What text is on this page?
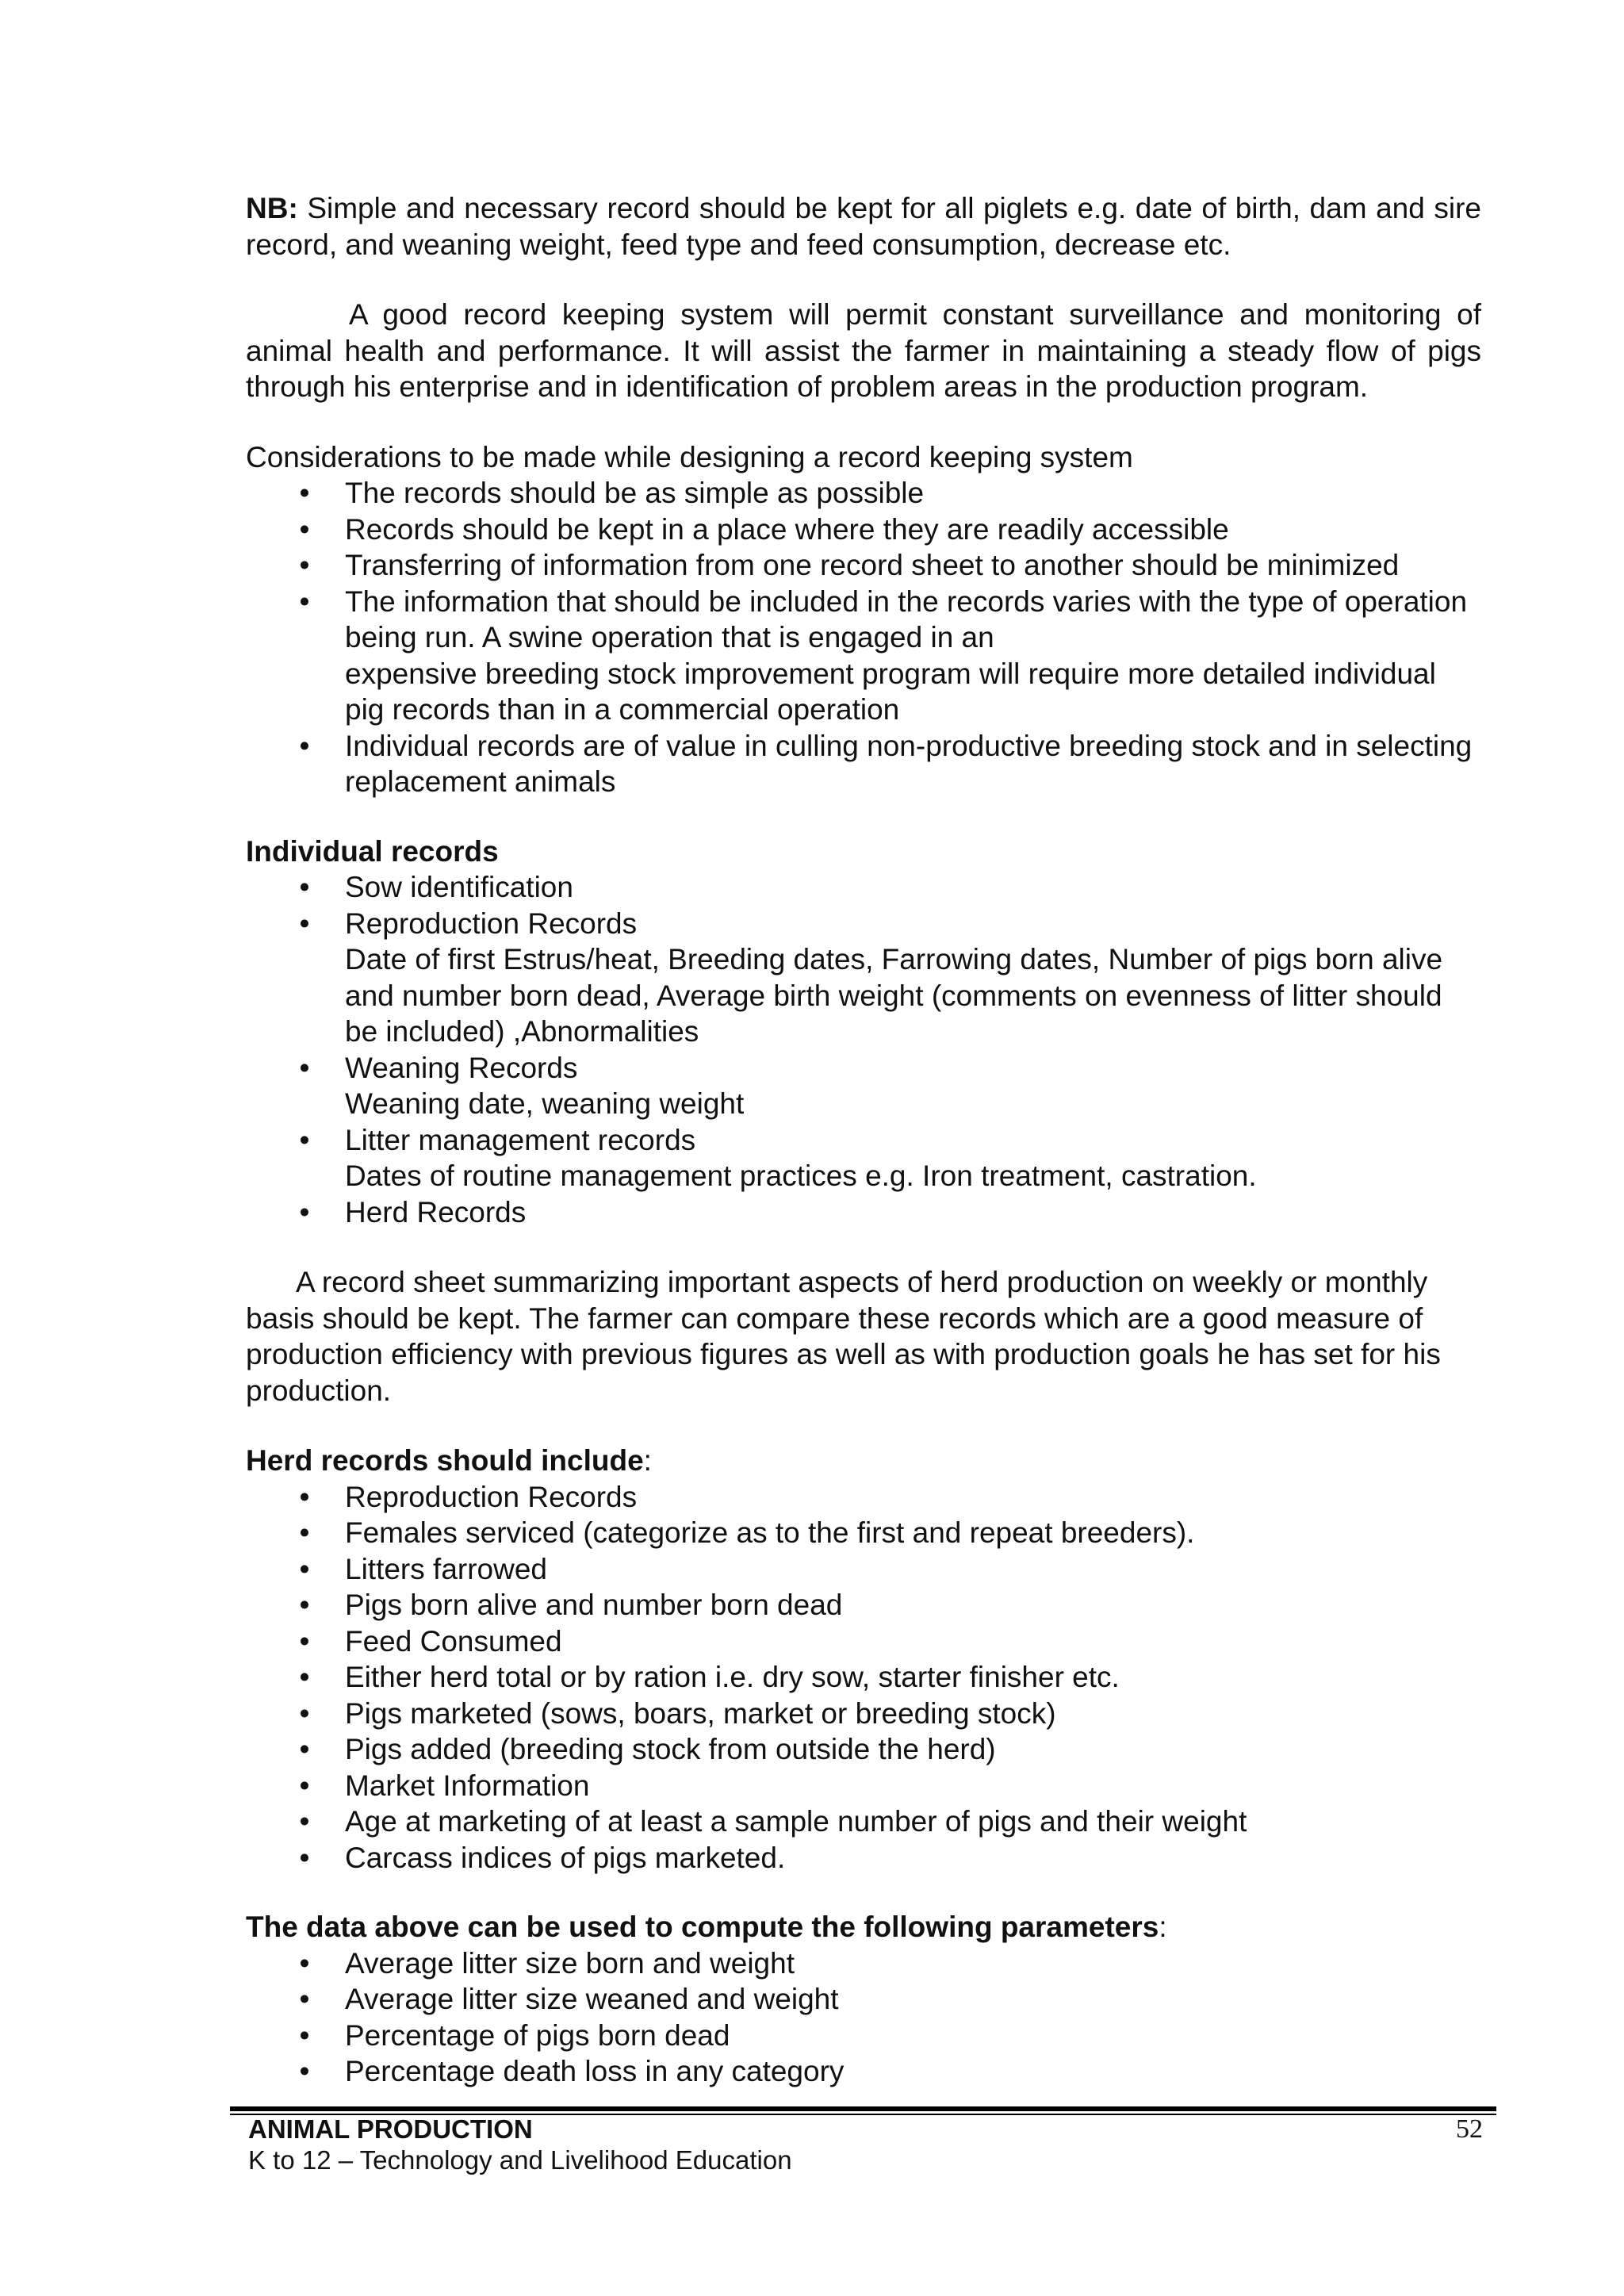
NB: Simple and necessary record should be kept for all piglets e.g. date of birth, dam and sire record, and weaning weight, feed type and feed consumption, decrease etc.

A good record keeping system will permit constant surveillance and monitoring of animal health and performance. It will assist the farmer in maintaining a steady flow of pigs through his enterprise and in identification of problem areas in the production program.

Considerations to be made while designing a record keeping system

• The records should be as simple as possible
• Records should be kept in a place where they are readily accessible
• Transferring of information from one record sheet to another should be minimized
• The information that should be included in the records varies with the type of operation being run. A swine operation that is engaged in an
expensive breeding stock improvement program will require more detailed individual pig records than in a commercial operation
• Individual records are of value in culling non-productive breeding stock and in selecting replacement animals

Individual records

• Sow identification
• Reproduction Records
Date of first Estrus/heat, Breeding dates, Farrowing dates, Number of pigs born alive and number born dead, Average birth weight (comments on evenness of litter should be included) ,Abnormalities
• Weaning Records
Weaning date, weaning weight
• Litter management records
Dates of routine management practices e.g. Iron treatment, castration.
• Herd Records

A record sheet summarizing important aspects of herd production on weekly or monthly basis should be kept. The farmer can compare these records which are a good measure of production efficiency with previous figures as well as with production goals he has set for his production.

Herd records should include:

• Reproduction Records
• Females serviced (categorize as to the first and repeat breeders).
• Litters farrowed
• Pigs born alive and number born dead
• Feed Consumed
• Either herd total or by ration i.e. dry sow, starter finisher etc.
• Pigs marketed (sows, boars, market or breeding stock)
• Pigs added (breeding stock from outside the herd)
• Market Information
• Age at marketing of at least a sample number of pigs and their weight
• Carcass indices of pigs marketed.

The data above can be used to compute the following parameters:

• Average litter size born and weight
• Average litter size weaned and weight
• Percentage of pigs born dead
• Percentage death loss in any category
ANIMAL PRODUCTION	52
K to 12 – Technology and Livelihood Education
